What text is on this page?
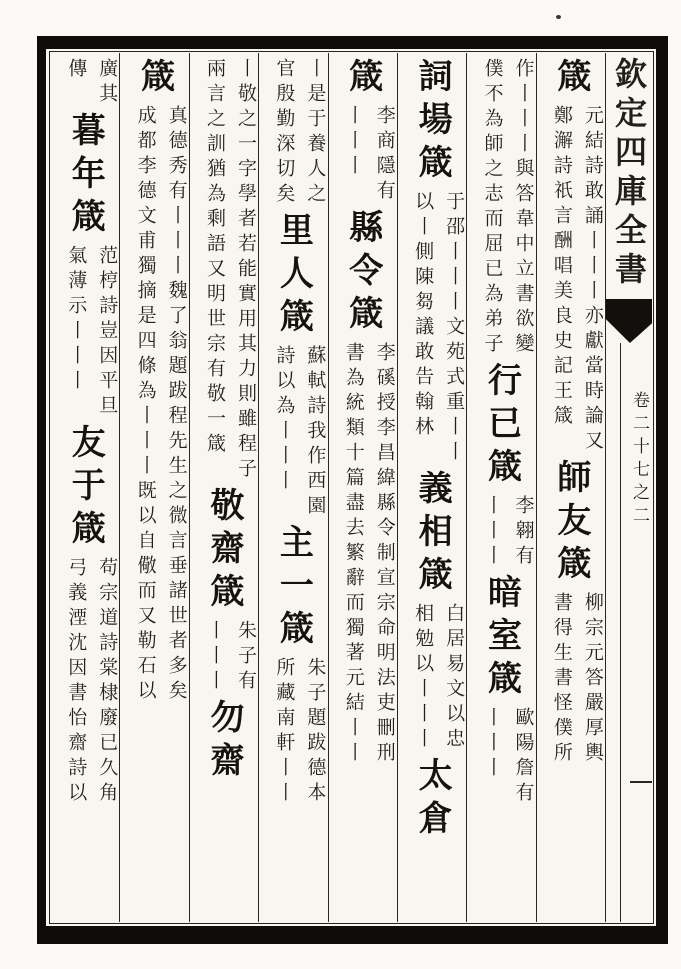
欽定四庫全書
卷二十七之二
箴
元結詩敢誦丨丨丨亦獻當時論又
鄭澥詩祇言酬唱美良史記王箴
師友箴
柳宗元答嚴厚輿
書得生書怪僕所
作丨丨丨與答韋中立書欲變
僕不為師之志而屈已為弟子
行已箴
李翱有
丨丨丨
暗室箴
歐陽詹有
丨丨丨
詞場箴
于邵丨丨丨文苑式重丨丨
以丨側陳芻議敢告翰林
義相箴
白居易文以忠
相勉以丨丨丨
太倉
箴
李商隱有
丨丨丨
縣令箴
李磎授李昌緯縣令制宣宗命明法吏刪刑
書為統類十篇盡去繁辭而獨著元結丨丨
丨是于養人之
官殷勤深切矣
里人箴
蘇軾詩我作西園
詩以為丨丨丨
主一箴
朱子題跋德本
所藏南軒丨丨
丨敬之一字學者若能實用其力則雖程子
兩言之訓猶為剩語又明世宗有敬一箴
敬齋箴
朱子有
丨丨丨
勿齋
箴
真德秀有丨丨丨魏了翁題跋程先生之微言垂諸世者多矣
成都李德文甫獨摘是四條為丨丨丨既以自儆而又勒石以
廣其
傳
暮年箴
范梈詩豈因平旦
氣薄示丨丨丨
友于箴
苟宗道詩棠棣廢已久角
弓義湮沈因書怡齋詩以
